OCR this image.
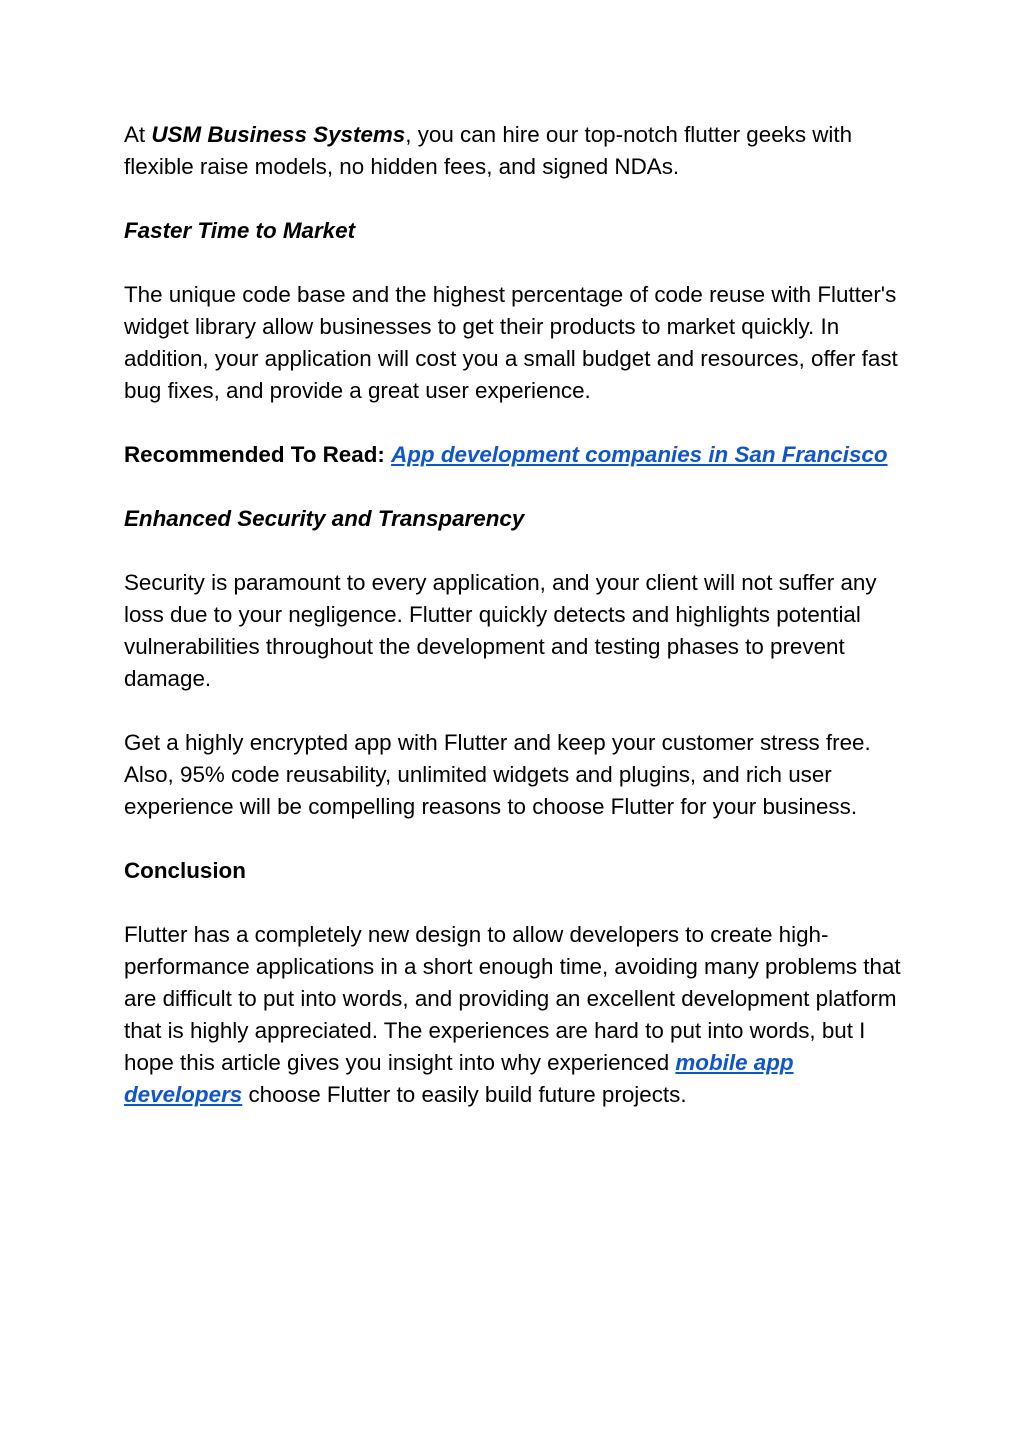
At USM Business Systems, you can hire our top-notch flutter geeks with flexible raise models, no hidden fees, and signed NDAs.

Faster Time to Market

The unique code base and the highest percentage of code reuse with Flutter's widget library allow businesses to get their products to market quickly. In addition, your application will cost you a small budget and resources, offer fast bug fixes, and provide a great user experience.

Recommended To Read: App development companies in San Francisco

Enhanced Security and Transparency

Security is paramount to every application, and your client will not suffer any loss due to your negligence. Flutter quickly detects and highlights potential vulnerabilities throughout the development and testing phases to prevent damage.

Get a highly encrypted app with Flutter and keep your customer stress free. Also, 95% code reusability, unlimited widgets and plugins, and rich user experience will be compelling reasons to choose Flutter for your business.

Conclusion

Flutter has a completely new design to allow developers to create high-performance applications in a short enough time, avoiding many problems that are difficult to put into words, and providing an excellent development platform that is highly appreciated. The experiences are hard to put into words, but I hope this article gives you insight into why experienced mobile app developers choose Flutter to easily build future projects.
